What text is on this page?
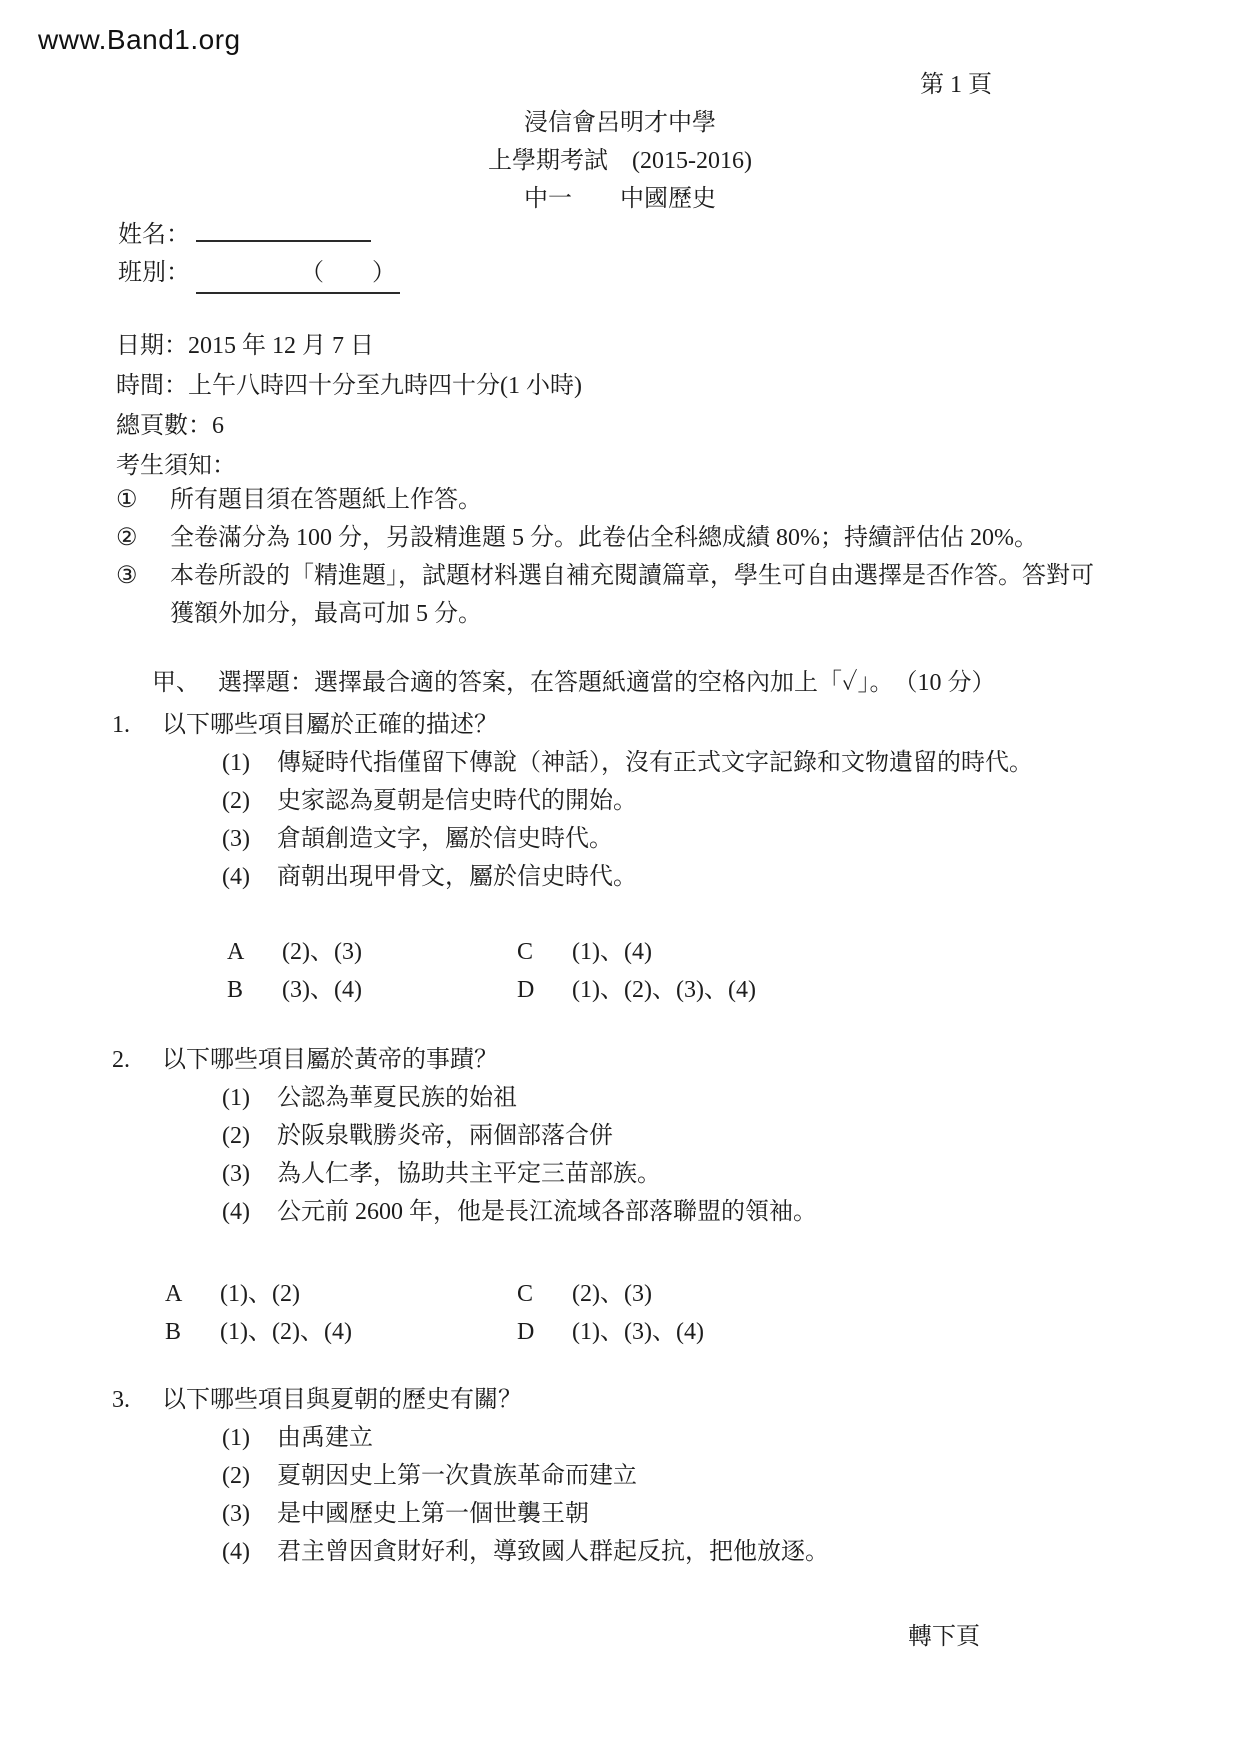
www.Band1.org
第 1 頁
浸信會呂明才中學
上學期考試　(2015-2016)
中一　　中國歷史
姓名：
班別：	（　　）
日期：2015 年 12 月 7 日
時間：上午八時四十分至九時四十分(1 小時)
總頁數：6
考生須知：
①	所有題目須在答題紙上作答。
②	全卷滿分為 100 分，另設精進題 5 分。此卷佔全科總成績 80%；持續評估佔 20%。
③	本卷所設的「精進題」，試題材料選自補充閱讀篇章，學生可自由選擇是否作答。答對可
獲額外加分，最高可加 5 分。
甲、 選擇題：選擇最合適的答案，在答題紙適當的空格內加上「✓」。　（10 分）
1.	以下哪些項目屬於正確的描述？
(1)	傳疑時代指僅留下傳說（神話），沒有正式文字記錄和文物遺留的時代。
(2)	史家認為夏朝是信史時代的開始。
(3)	倉頡創造文字，屬於信史時代。
(4)	商朝出現甲骨文，屬於信史時代。
A	(2)、(3)	C	(1)、(4)
B	(3)、(4)	D	(1)、(2)、(3)、(4)
2.	以下哪些項目屬於黃帝的事蹟？
(1)	公認為華夏民族的始祖
(2)	於阪泉戰勝炎帝，兩個部落合併
(3)	為人仁孝，協助共主平定三苗部族。
(4)	公元前 2600 年，他是長江流域各部落聯盟的領袖。
A	(1)、(2)	C	(2)、(3)
B	(1)、(2)、(4)	D	(1)、(3)、(4)
3.	以下哪些項目與夏朝的歷史有關？
(1)	由禹建立
(2)	夏朝因史上第一次貴族革命而建立
(3)	是中國歷史上第一個世襲王朝
(4)	君主曾因貪財好利，導致國人群起反抗，把他放逐。
轉下頁
